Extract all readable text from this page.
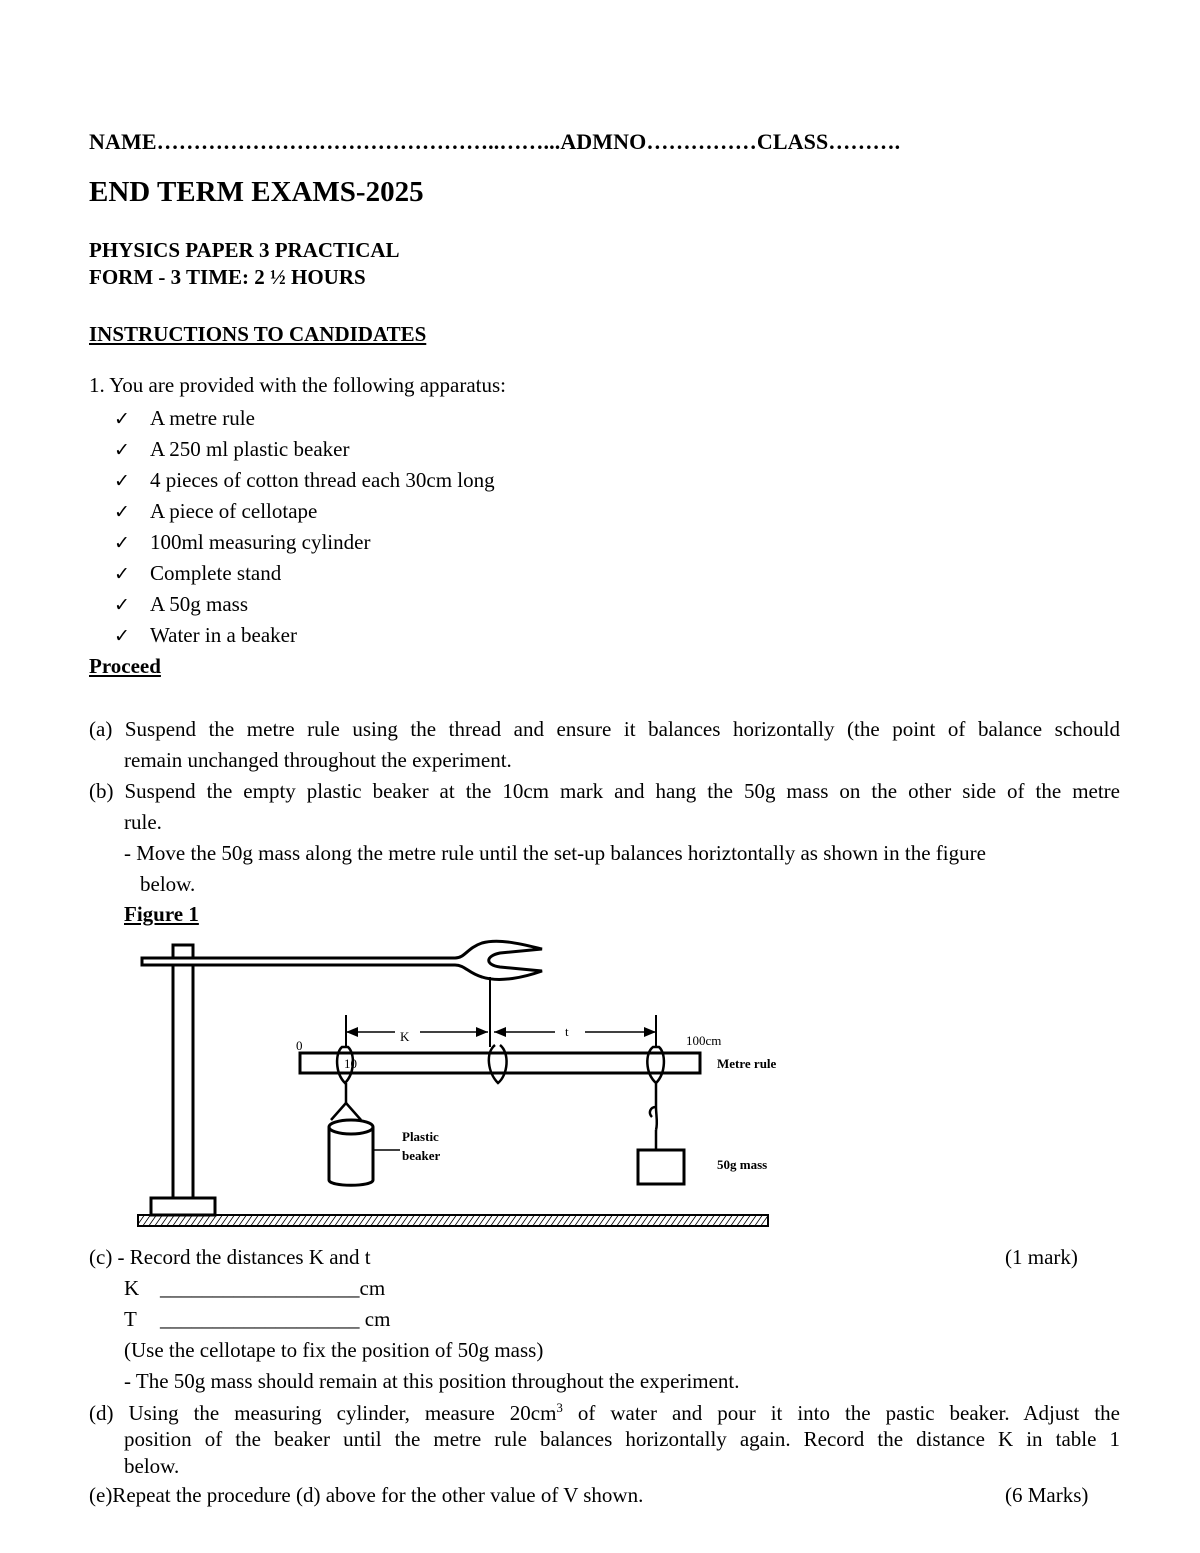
NAME………………………………………..……...ADMNO……………CLASS……….
END TERM EXAMS-2025
PHYSICS PAPER 3 PRACTICAL
FORM - 3 TIME: 2 ½ HOURS
INSTRUCTIONS TO CANDIDATES
1. You are provided with the following apparatus:
✓ A metre rule
✓ A 250 ml plastic beaker
✓ 4 pieces of cotton thread each 30cm long
✓ A piece of cellotape
✓ 100ml measuring cylinder
✓ Complete stand
✓ A 50g mass
✓ Water in a beaker
Proceed
(a) Suspend the metre rule using the thread and ensure it balances horizontally (the point of balance schould
remain unchanged throughout the experiment.
(b) Suspend the empty plastic beaker at the 10cm mark and hang the 50g mass on the other side of the metre
rule.
- Move the 50g mass along the metre rule until the set-up balances horiztontally as shown in the figure
below.
Figure 1
0
10
K	t
100cm
Metre rule
Plastic
beaker
50g mass
(c) - Record the distances K and t	(1 mark)
K ___________________cm
T ___________________ cm
(Use the cellotape to fix the position of 50g mass)
- The 50g mass should remain at this position throughout the experiment.
(d) Using the measuring cylinder, measure $20cm^3$ of water and pour it into the pastic beaker. Adjust the
position of the beaker until the metre rule balances horizontally again. Record the distance K in table 1
below.
(e)Repeat the procedure (d) above for the other value of V shown.	(6 Marks)
